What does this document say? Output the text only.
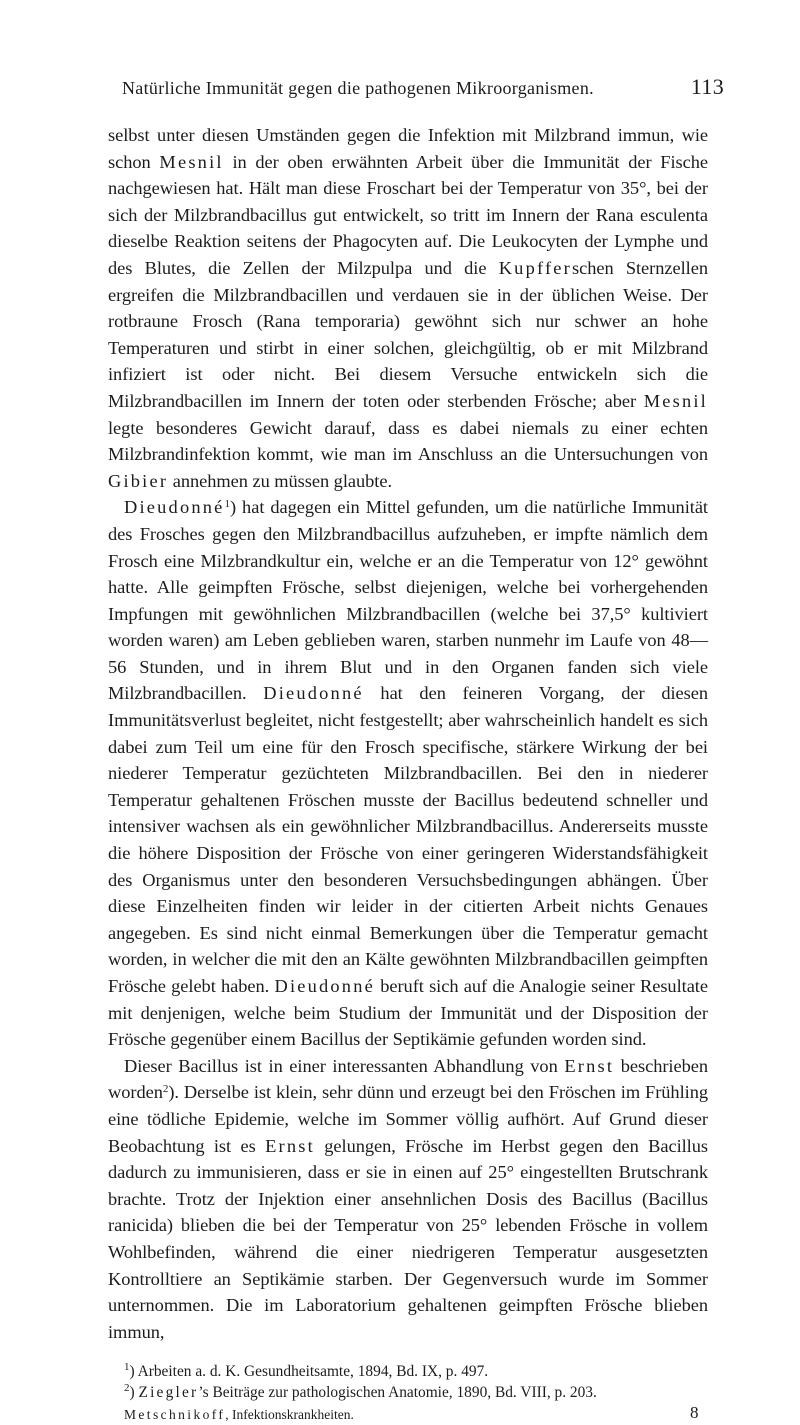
Natürliche Immunität gegen die pathogenen Mikroorganismen.	113

selbst unter diesen Umständen gegen die Infektion mit Milzbrand immun, wie schon Mesnil in der oben erwähnten Arbeit über die Immunität der Fische nachgewiesen hat. Hält man diese Froschart bei der Temperatur von 35°, bei der sich der Milzbrandbacillus gut entwickelt, so tritt im Innern der Rana esculenta dieselbe Reaktion seitens der Phagocyten auf. Die Leukocyten der Lymphe und des Blutes, die Zellen der Milzpulpa und die Kupfferschen Sternzellen ergreifen die Milzbrandbacillen und verdauen sie in der üblichen Weise. Der rotbraune Frosch (Rana temporaria) gewöhnt sich nur schwer an hohe Temperaturen und stirbt in einer solchen, gleichgültig, ob er mit Milzbrand infiziert ist oder nicht. Bei diesem Versuche entwickeln sich die Milzbrandbacillen im Innern der toten oder sterbenden Frösche; aber Mesnil legte besonderes Gewicht darauf, dass es dabei niemals zu einer echten Milzbrandinfektion kommt, wie man im Anschluss an die Untersuchungen von Gibier annehmen zu müssen glaubte.

Dieudonné$^1$) hat dagegen ein Mittel gefunden, um die natürliche Immunität des Frosches gegen den Milzbrandbacillus aufzuheben, er impfte nämlich dem Frosch eine Milzbrandkultur ein, welche er an die Temperatur von 12° gewöhnt hatte. Alle geimpften Frösche, selbst diejenigen, welche bei vorhergehenden Impfungen mit gewöhnlichen Milzbrandbacillen (welche bei 37,5° kultiviert worden waren) am Leben geblieben waren, starben nunmehr im Laufe von 48—56 Stunden, und in ihrem Blut und in den Organen fanden sich viele Milzbrandbacillen. Dieudonné hat den feineren Vorgang, der diesen Immunitätsverlust begleitet, nicht festgestellt; aber wahrscheinlich handelt es sich dabei zum Teil um eine für den Frosch specifische, stärkere Wirkung der bei niederer Temperatur gezüchteten Milzbrandbacillen. Bei den in niederer Temperatur gehaltenen Fröschen musste der Bacillus bedeutend schneller und intensiver wachsen als ein gewöhnlicher Milzbrandbacillus. Andererseits musste die höhere Disposition der Frösche von einer geringeren Widerstandsfähigkeit des Organismus unter den besonderen Versuchsbedingungen abhängen. Über diese Einzelheiten finden wir leider in der citierten Arbeit nichts Genaues angegeben. Es sind nicht einmal Bemerkungen über die Temperatur gemacht worden, in welcher die mit den an Kälte gewöhnten Milzbrandbacillen geimpften Frösche gelebt haben. Dieudonné beruft sich auf die Analogie seiner Resultate mit denjenigen, welche beim Studium der Immunität und der Disposition der Frösche gegenüber einem Bacillus der Septikämie gefunden worden sind.

Dieser Bacillus ist in einer interessanten Abhandlung von Ernst beschrieben worden$^2$). Derselbe ist klein, sehr dünn und erzeugt bei den Fröschen im Frühling eine tödliche Epidemie, welche im Sommer völlig aufhört. Auf Grund dieser Beobachtung ist es Ernst gelungen, Frösche im Herbst gegen den Bacillus dadurch zu immunisieren, dass er sie in einen auf 25° eingestellten Brutschrank brachte. Trotz der Injektion einer ansehnlichen Dosis des Bacillus (Bacillus ranicida) blieben die bei der Temperatur von 25° lebenden Frösche in vollem Wohlbefinden, während die einer niedrigeren Temperatur ausgesetzten Kontrolltiere an Septikämie starben. Der Gegenversuch wurde im Sommer unternommen. Die im Laboratorium gehaltenen geimpften Frösche blieben immun,

$^1$) Arbeiten a. d. K. Gesundheitsamte, 1894, Bd. IX, p. 497.
$^2$) Ziegler’s Beiträge zur pathologischen Anatomie, 1890, Bd. VIII, p. 203.
Metschnikoff, Infektionskrankheiten.	8
